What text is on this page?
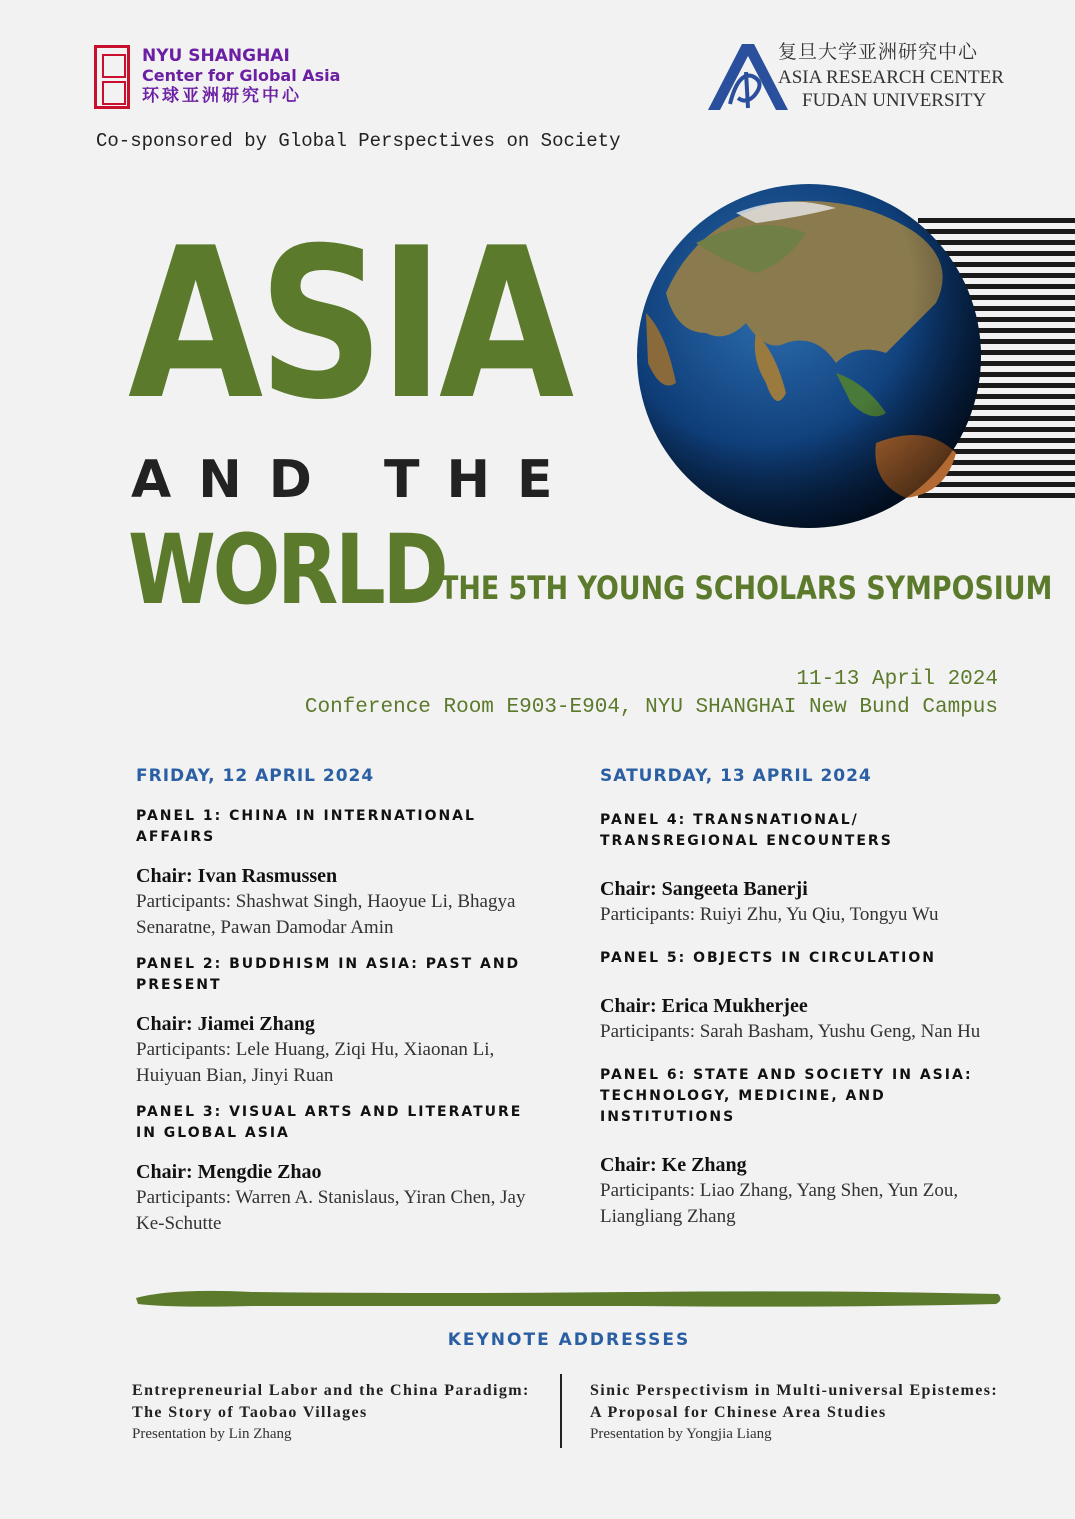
NYU SHANGHAI
Center for Global Asia
环球亚洲研究中心
复旦大学亚洲研究中心
ASIA RESEARCH CENTER
FUDAN UNIVERSITY
Co-sponsored by Global Perspectives on Society
ASIA
AND THE
WORLD
THE 5TH YOUNG SCHOLARS SYMPOSIUM
11-13 April 2024
Conference Room E903-E904, NYU SHANGHAI New Bund Campus
FRIDAY, 12 APRIL 2024
PANEL 1: CHINA IN INTERNATIONAL AFFAIRS
Chair: Ivan Rasmussen
Participants: Shashwat Singh, Haoyue Li, Bhagya Senaratne, Pawan Damodar Amin
PANEL 2: BUDDHISM IN ASIA: PAST AND PRESENT
Chair: Jiamei Zhang
Participants: Lele Huang, Ziqi Hu, Xiaonan Li, Huiyuan Bian, Jinyi Ruan
PANEL 3: VISUAL ARTS AND LITERATURE IN GLOBAL ASIA
Chair: Mengdie Zhao
Participants: Warren A. Stanislaus, Yiran Chen, Jay Ke-Schutte
SATURDAY, 13 APRIL 2024
PANEL 4: TRANSNATIONAL/ TRANSREGIONAL ENCOUNTERS
Chair: Sangeeta Banerji
Participants: Ruiyi Zhu, Yu Qiu, Tongyu Wu
PANEL 5: OBJECTS IN CIRCULATION
Chair: Erica Mukherjee
Participants: Sarah Basham, Yushu Geng, Nan Hu
PANEL 6: STATE AND SOCIETY IN ASIA: TECHNOLOGY, MEDICINE, AND INSTITUTIONS
Chair: Ke Zhang
Participants: Liao Zhang, Yang Shen, Yun Zou, Liangliang Zhang
KEYNOTE ADDRESSES
Entrepreneurial Labor and the China Paradigm: The Story of Taobao Villages
Presentation by Lin Zhang
Sinic Perspectivism in Multi-universal Epistemes: A Proposal for Chinese Area Studies
Presentation by Yongjia Liang
